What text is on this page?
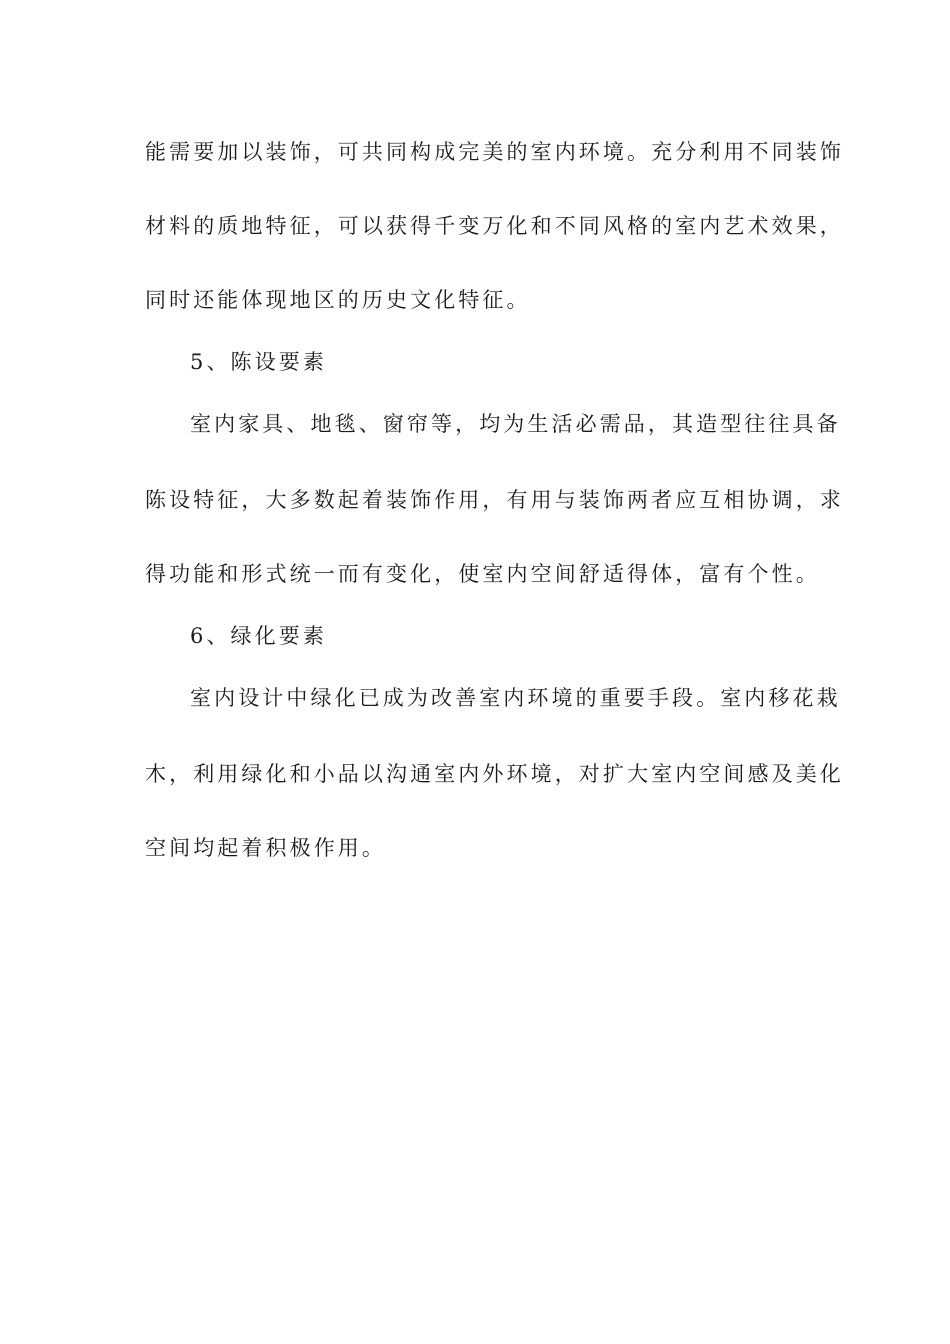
能需要加以装饰，可共同构成完美的室内环境。充分利用不同装饰
材料的质地特征，可以获得千变万化和不同风格的室内艺术效果，
同时还能体现地区的历史文化特征。
5、陈设要素
室内家具、地毯、窗帘等，均为生活必需品，其造型往往具备
陈设特征，大多数起着装饰作用，有用与装饰两者应互相协调，求
得功能和形式统一而有变化，使室内空间舒适得体，富有个性。
6、绿化要素
室内设计中绿化已成为改善室内环境的重要手段。室内移花栽
木，利用绿化和小品以沟通室内外环境，对扩大室内空间感及美化
空间均起着积极作用。
